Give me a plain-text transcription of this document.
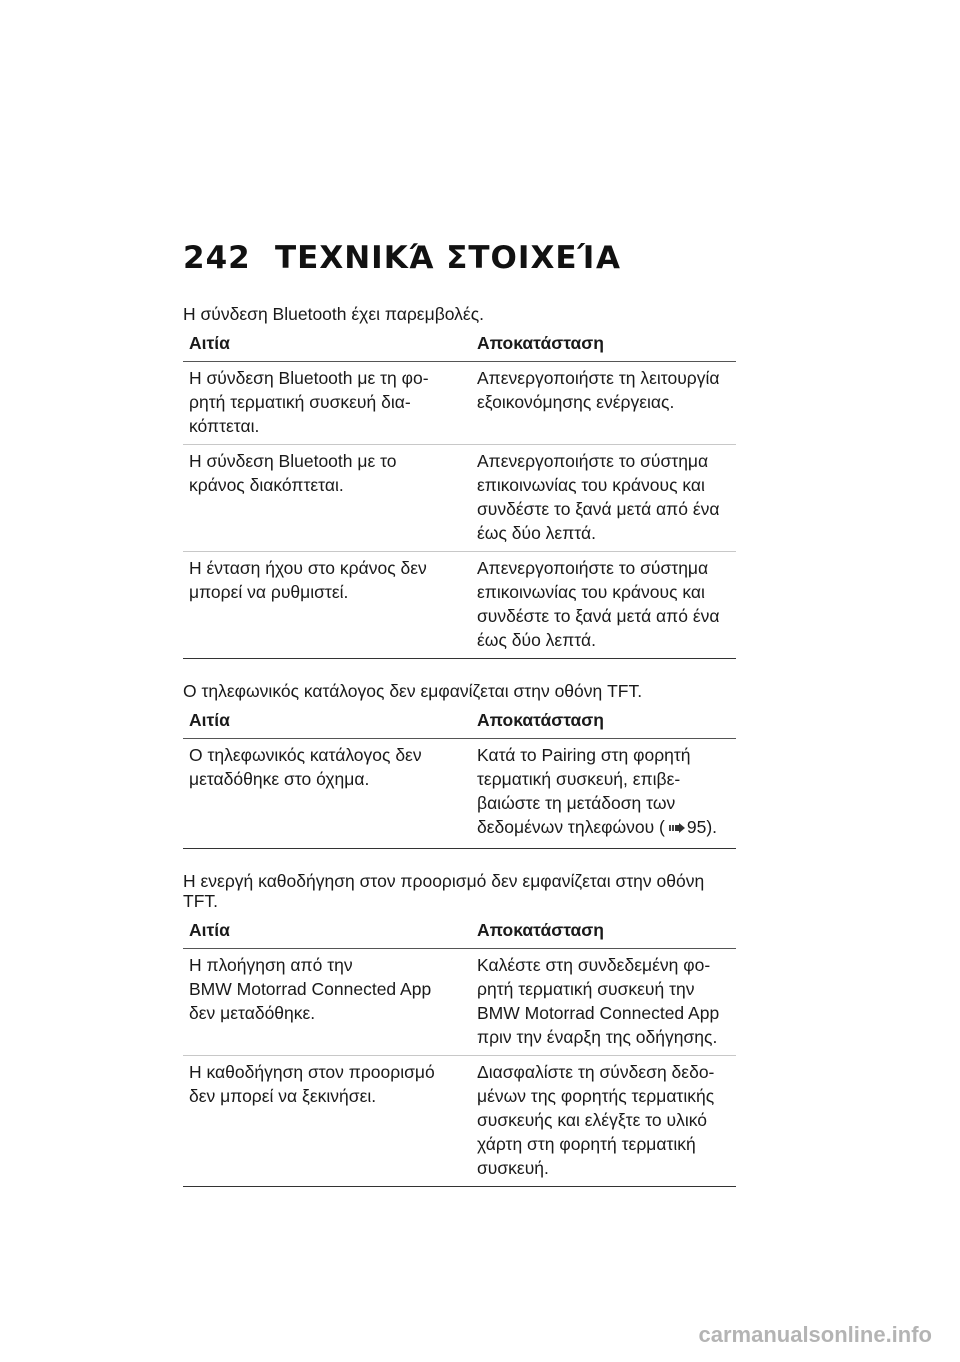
242 ΤΕΧΝΙΚΆ ΣΤΟΙΧΕΊΑ

Η σύνδεση Bluetooth έχει παρεμβολές.

Αιτία	Αποκατάσταση
Η σύνδεση Bluetooth με τη φο-
ρητή τερματική συσκευή δια-
κόπτεται.	Απενεργοποιήστε τη λειτουργία
εξοικονόμησης ενέργειας.
Η σύνδεση Bluetooth με το
κράνος διακόπτεται.	Απενεργοποιήστε το σύστημα
επικοινωνίας του κράνους και
συνδέστε το ξανά μετά από ένα
έως δύο λεπτά.
Η ένταση ήχου στο κράνος δεν
μπορεί να ρυθμιστεί.	Απενεργοποιήστε το σύστημα
επικοινωνίας του κράνους και
συνδέστε το ξανά μετά από ένα
έως δύο λεπτά.

Ο τηλεφωνικός κατάλογος δεν εμφανίζεται στην οθόνη TFT.

Αιτία	Αποκατάσταση
Ο τηλεφωνικός κατάλογος δεν
μεταδόθηκε στο όχημα.	Κατά το Pairing στη φορητή
τερματική συσκευή, επιβε-
βαιώστε τη μετάδοση των
δεδομένων τηλεφώνου ( 95).

Η ενεργή καθοδήγηση στον προορισμό δεν εμφανίζεται στην οθόνη
TFT.

Αιτία	Αποκατάσταση
Η πλοήγηση από την
BMW Motorrad Connected App
δεν μεταδόθηκε.	Καλέστε στη συνδεδεμένη φο-
ρητή τερματική συσκευή την
BMW Motorrad Connected App
πριν την έναρξη της οδήγησης.
Η καθοδήγηση στον προορισμό
δεν μπορεί να ξεκινήσει.	Διασφαλίστε τη σύνδεση δεδο-
μένων της φορητής τερματικής
συσκευής και ελέγξτε το υλικό
χάρτη στη φορητή τερματική
συσκευή.
carmanualsonline.info
